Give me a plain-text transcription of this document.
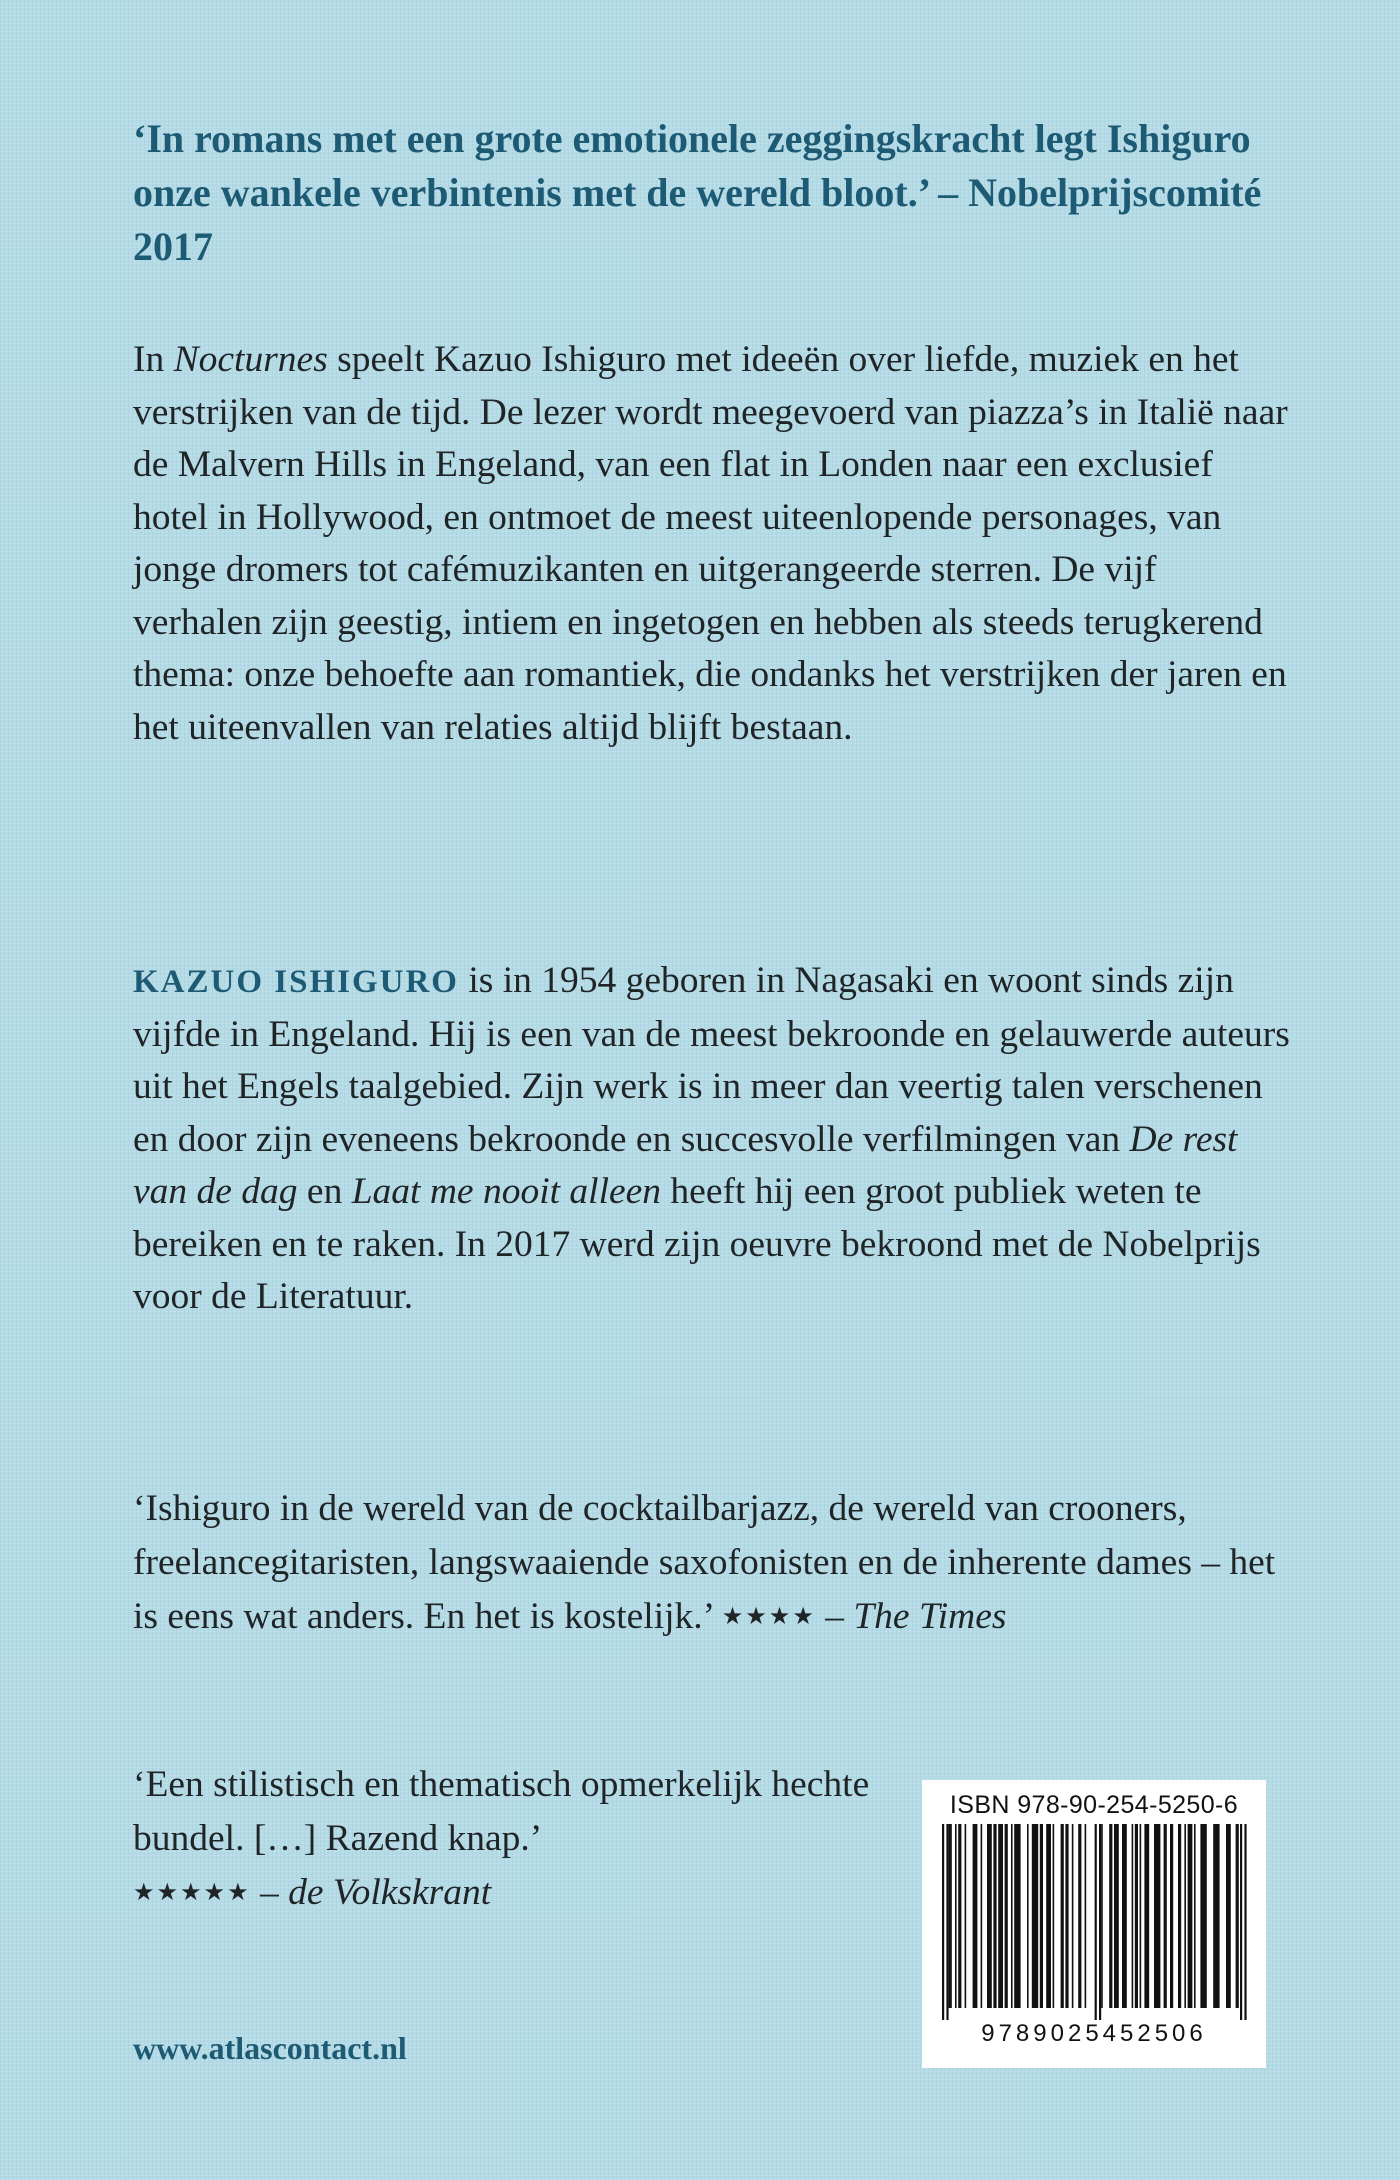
‘In romans met een grote emotionele zeggingskracht legt Ishiguro onze wankele verbintenis met de wereld bloot.’ – Nobelprijscomité 2017
In Nocturnes speelt Kazuo Ishiguro met ideeën over liefde, muziek en het verstrijken van de tijd. De lezer wordt meegevoerd van piazza’s in Italië naar de Malvern Hills in Engeland, van een flat in Londen naar een exclusief hotel in Hollywood, en ontmoet de meest uiteenlopende personages, van jonge dromers tot cafémuzikanten en uitgerangeerde sterren. De vijf verhalen zijn geestig, intiem en ingetogen en hebben als steeds terugkerend thema: onze behoefte aan romantiek, die ondanks het verstrijken der jaren en het uiteenvallen van relaties altijd blijft bestaan.
KAZUO ISHIGURO is in 1954 geboren in Nagasaki en woont sinds zijn vijfde in Engeland. Hij is een van de meest bekroonde en gelauwerde auteurs uit het Engels taalgebied. Zijn werk is in meer dan veertig talen verschenen en door zijn eveneens bekroonde en succesvolle verfilmingen van De rest van de dag en Laat me nooit alleen heeft hij een groot publiek weten te bereiken en te raken. In 2017 werd zijn oeuvre bekroond met de Nobelprijs voor de Literatuur.
‘Ishiguro in de wereld van de cocktailbarjazz, de wereld van crooners, freelancegitaristen, langswaaiende saxofonisten en de inherente dames – het is eens wat anders. En het is kostelijk.’ ★★★★ – The Times
‘Een stilistisch en thematisch opmerkelijk hechte bundel. […] Razend knap.’
★★★★★ – de Volkskrant
www.atlascontact.nl
ISBN 978-90-254-5250-6
9789025452506
